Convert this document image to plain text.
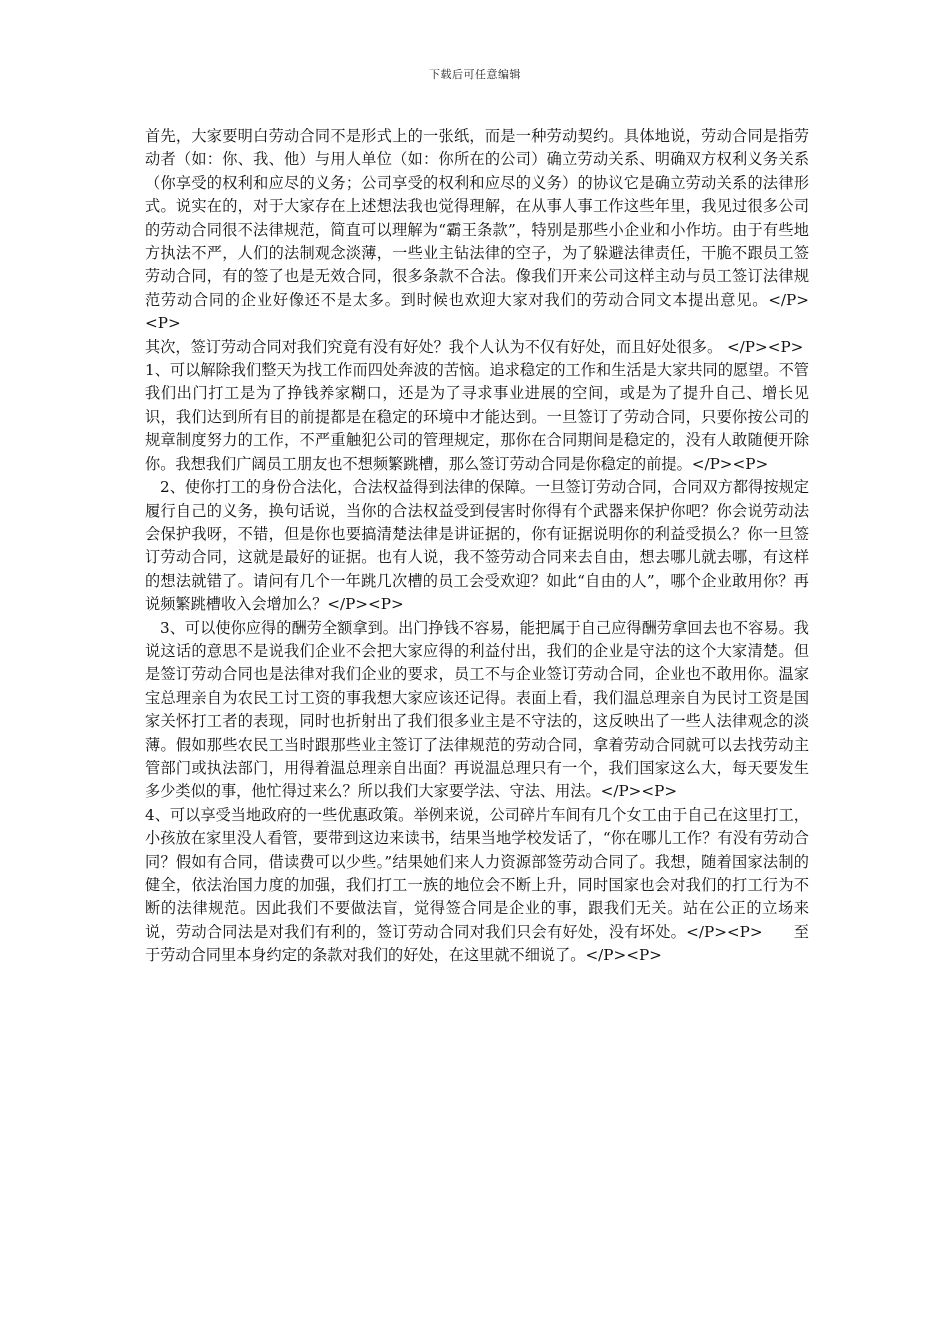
下载后可任意编辑

首先，大家要明白劳动合同不是形式上的一张纸，而是一种劳动契约。具体地说，劳动合同是指劳动者（如：你、我、他）与用人单位（如：你所在的公司）确立劳动关系、明确双方权利义务关系（你享受的权利和应尽的义务；公司享受的权利和应尽的义务）的协议它是确立劳动关系的法律形式。说实在的，对于大家存在上述想法我也觉得理解，在从事人事工作这些年里，我见过很多公司的劳动合同很不法律规范，简直可以理解为“霸王条款”，特别是那些小企业和小作坊。由于有些地方执法不严，人们的法制观念淡薄，一些业主钻法律的空子，为了躲避法律责任，干脆不跟员工签劳动合同，有的签了也是无效合同，很多条款不合法。像我们开来公司这样主动与员工签订法律规范劳动合同的企业好像还不是太多。到时候也欢迎大家对我们的劳动合同文本提出意见。</P><P>

其次，签订劳动合同对我们究竟有没有好处？我个人认为不仅有好处，而且好处很多。 </P><P>

1、可以解除我们整天为找工作而四处奔波的苦恼。追求稳定的工作和生活是大家共同的愿望。不管我们出门打工是为了挣钱养家糊口，还是为了寻求事业进展的空间，或是为了提升自己、增长见识，我们达到所有目的前提都是在稳定的环境中才能达到。一旦签订了劳动合同，只要你按公司的规章制度努力的工作，不严重触犯公司的管理规定，那你在合同期间是稳定的，没有人敢随便开除你。我想我们广阔员工朋友也不想频繁跳槽，那么签订劳动合同是你稳定的前提。</P><P>

2、使你打工的身份合法化，合法权益得到法律的保障。一旦签订劳动合同，合同双方都得按规定履行自己的义务，换句话说，当你的合法权益受到侵害时你得有个武器来保护你吧？你会说劳动法会保护我呀，不错，但是你也要搞清楚法律是讲证据的，你有证据说明你的利益受损么？你一旦签订劳动合同，这就是最好的证据。也有人说，我不签劳动合同来去自由，想去哪儿就去哪，有这样的想法就错了。请问有几个一年跳几次槽的员工会受欢迎？如此“自由的人”，哪个企业敢用你？再说频繁跳槽收入会增加么？</P><P>

3、可以使你应得的酬劳全额拿到。出门挣钱不容易，能把属于自己应得酬劳拿回去也不容易。我说这话的意思不是说我们企业不会把大家应得的利益付出，我们的企业是守法的这个大家清楚。但是签订劳动合同也是法律对我们企业的要求，员工不与企业签订劳动合同，企业也不敢用你。温家宝总理亲自为农民工讨工资的事我想大家应该还记得。表面上看，我们温总理亲自为民讨工资是国家关怀打工者的表现，同时也折射出了我们很多业主是不守法的，这反映出了一些人法律观念的淡薄。假如那些农民工当时跟那些业主签订了法律规范的劳动合同，拿着劳动合同就可以去找劳动主管部门或执法部门，用得着温总理亲自出面？再说温总理只有一个，我们国家这么大，每天要发生多少类似的事，他忙得过来么？所以我们大家要学法、守法、用法。</P><P>

4、可以享受当地政府的一些优惠政策。举例来说，公司碎片车间有几个女工由于自己在这里打工，小孩放在家里没人看管，要带到这边来读书，结果当地学校发话了，“你在哪儿工作？有没有劳动合同？假如有合同，借读费可以少些。”结果她们来人力资源部签劳动合同了。我想，随着国家法制的健全，依法治国力度的加强，我们打工一族的地位会不断上升，同时国家也会对我们的打工行为不断的法律规范。因此我们不要做法盲，觉得签合同是企业的事，跟我们无关。站在公正的立场来说，劳动合同法是对我们有利的，签订劳动合同对我们只会有好处，没有坏处。</P><P>　　至于劳动合同里本身约定的条款对我们的好处，在这里就不细说了。</P><P>
